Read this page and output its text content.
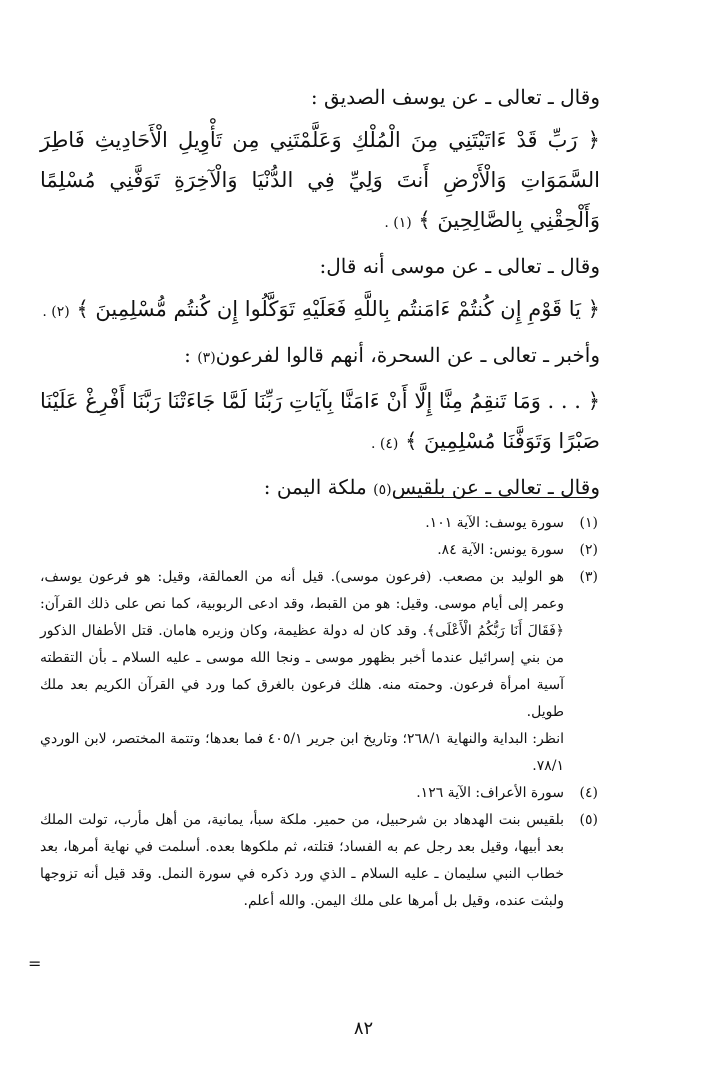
وقال ـ تعالى ـ عن يوسف الصديق :

﴿ رَبِّ قَدْ ءَاتَيْتَنِي مِنَ الْمُلْكِ وَعَلَّمْتَنِي مِن تَأْوِيلِ الْأَحَادِيثِ فَاطِرَ السَّمَوَاتِ وَالْأَرْضِ أَنتَ وَلِيِّ فِي الدُّنْيَا وَالْآخِرَةِ تَوَفَّنِي مُسْلِمًا وَأَلْحِقْنِي بِالصَّالِحِينَ ﴾ (١) .

وقال ـ تعالى ـ عن موسى أنه قال:

﴿ يَا قَوْمِ إِن كُنتُمْ ءَامَنتُم بِاللَّهِ فَعَلَيْهِ تَوَكَّلُوا إِن كُنتُم مُّسْلِمِينَ ﴾ (٢) .

وأخبر ـ تعالى ـ عن السحرة، أنهم قالوا لفرعون(٣) :

﴿ . . . وَمَا تَنقِمُ مِنَّا إِلَّا أَنْ ءَامَنَّا بِآيَاتِ رَبِّنَا لَمَّا جَاءَتْنَا رَبَّنَا أَفْرِغْ عَلَيْنَا صَبْرًا وَتَوَفَّنَا مُسْلِمِينَ ﴾ (٤) .

وقال ـ تعالى ـ عن بلقيس(٥) ملكة اليمن :

(١)
سورة يوسف: الآية ١٠١.
(٢)
سورة يونس: الآية ٨٤.
(٣)
هو الوليد بن مصعب. (فرعون موسى). قيل أنه من العمالقة، وقيل: هو فرعون يوسف، وعمر إلى أيام موسى. وقيل: هو من القبط، وقد ادعى الربوبية، كما نص على ذلك القرآن: ﴿فَقَالَ أَنَا رَبُّكُمُ الْأَعْلَى﴾. وقد كان له دولة عظيمة، وكان وزيره هامان. قتل الأطفال الذكور من بني إسرائيل عندما أخبر بظهور موسى ـ ونجا الله موسى ـ عليه السلام ـ بأن التقطته آسية امرأة فرعون. وحمته منه. هلك فرعون بالغرق كما ورد في القرآن الكريم بعد ملك طويل.
انظر: البداية والنهاية ٢٦٨/١؛ وتاريخ ابن جرير ٤٠٥/١ فما بعدها؛ وتتمة المختصر، لابن الوردي ٧٨/١.
(٤)
سورة الأعراف: الآية ١٢٦.
(٥)
بلقيس بنت الهدهاد بن شرحبيل، من حمير. ملكة سبأ، يمانية، من أهل مأرب، تولت الملك بعد أبيها، وقيل بعد رجل عم به الفساد؛ قتلته، ثم ملكوها بعده. أسلمت في نهاية أمرها، بعد خطاب النبي سليمان ـ عليه السلام ـ الذي ورد ذكره في سورة النمل. وقد قيل أنه تزوجها ولبثت عنده، وقيل بل أمرها على ملك اليمن. والله أعلم.
=
٨٢
